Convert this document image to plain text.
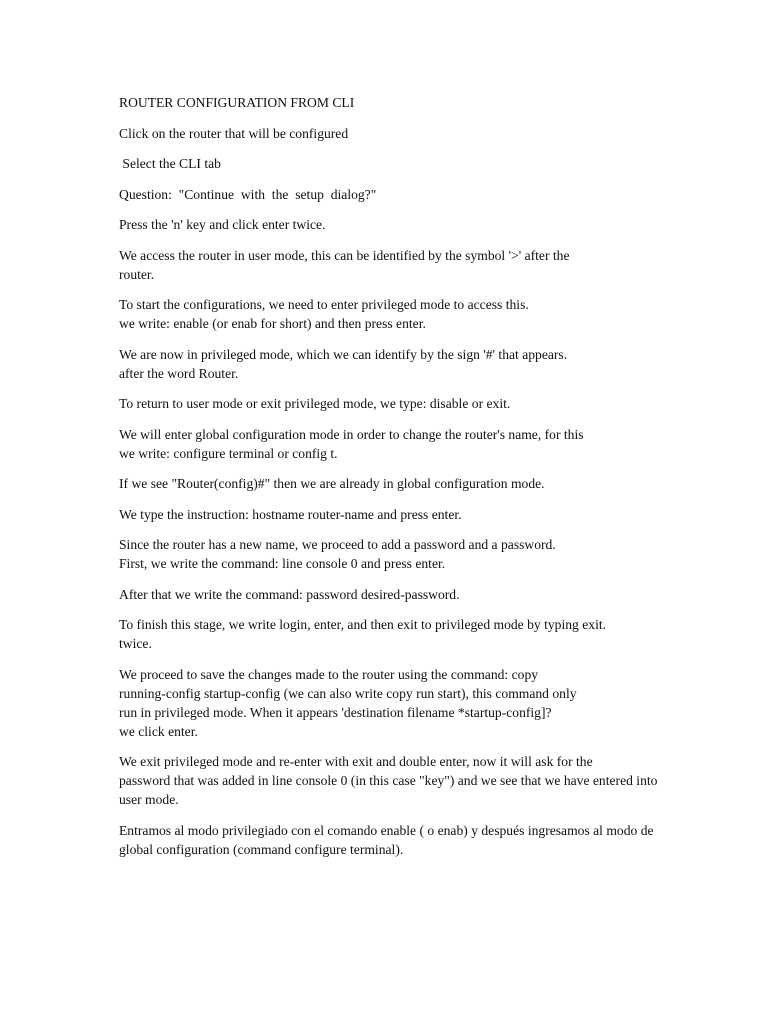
ROUTER CONFIGURATION FROM CLI
Click on the router that will be configured
Select the CLI tab
Question:  "Continue  with  the  setup  dialog?"
Press the 'n' key and click enter twice.
We access the router in user mode, this can be identified by the symbol '>' after the
router.
To start the configurations, we need to enter privileged mode to access this.
we write: enable (or enab for short) and then press enter.
We are now in privileged mode, which we can identify by the sign '#' that appears.
after the word Router.
To return to user mode or exit privileged mode, we type: disable or exit.
We will enter global configuration mode in order to change the router's name, for this
we write: configure terminal or config t.
If we see "Router(config)#" then we are already in global configuration mode.
We type the instruction: hostname router-name and press enter.
Since the router has a new name, we proceed to add a password and a password.
First, we write the command: line console 0 and press enter.
After that we write the command: password desired-password.
To finish this stage, we write login, enter, and then exit to privileged mode by typing exit.
twice.
We proceed to save the changes made to the router using the command: copy
running-config startup-config (we can also write copy run start), this command only
run in privileged mode. When it appears 'destination filename *startup-config]?
we click enter.
We exit privileged mode and re-enter with exit and double enter, now it will ask for the
password that was added in line console 0 (in this case "key") and we see that we have entered into
user mode.
Entramos al modo privilegiado con el comando enable ( o enab) y después ingresamos al modo de
global configuration (command configure terminal).
